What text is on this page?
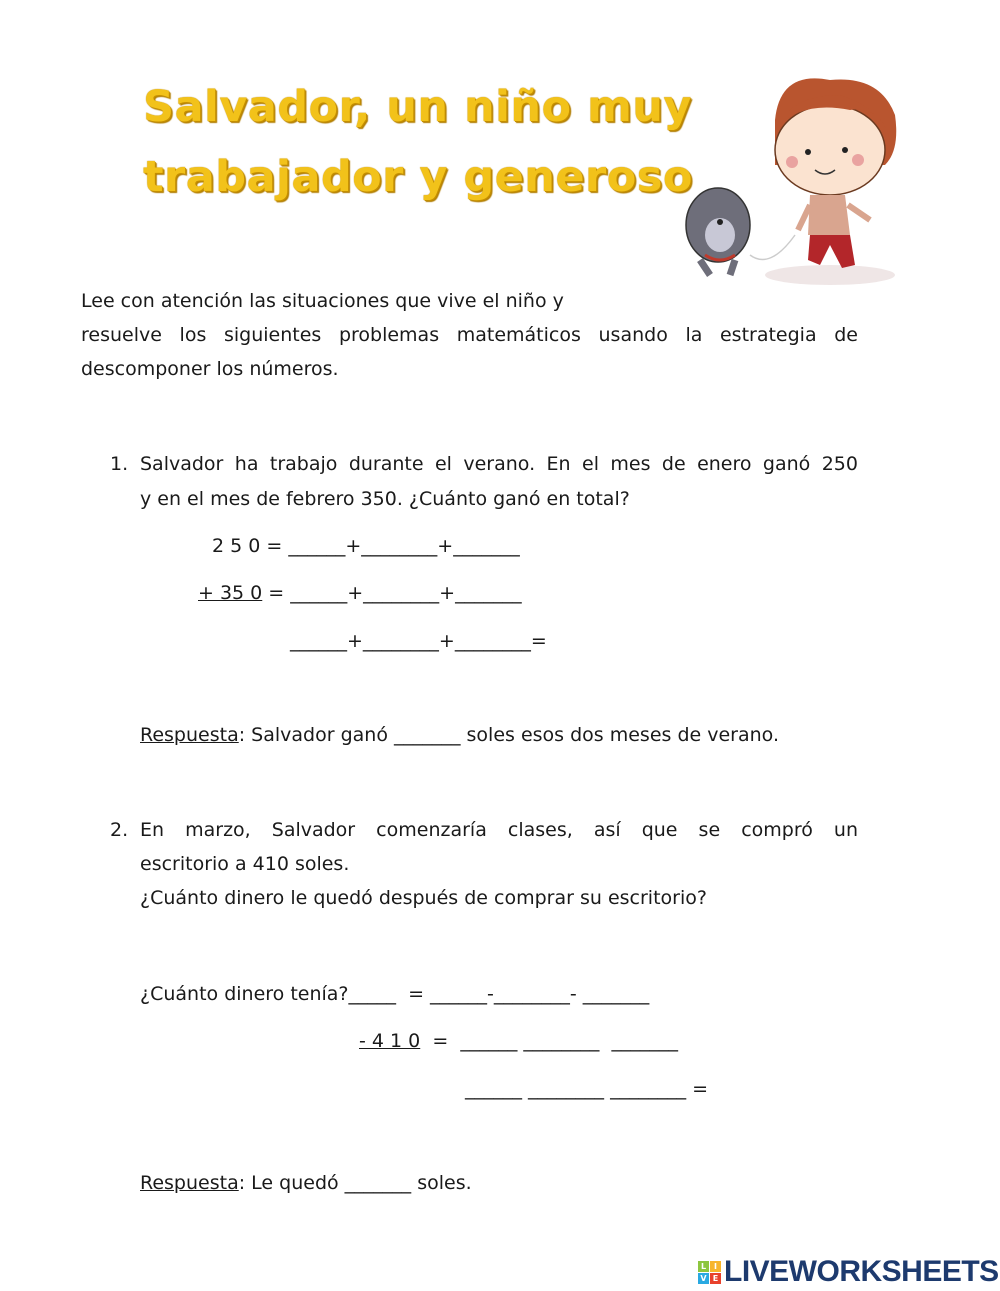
Salvador, un niño muy
trabajador y generoso
Lee con atención las situaciones que vive el niño y
resuelve los siguientes problemas matemáticos usando la estrategia de
descomponer los números.
1. Salvador ha trabajo durante el verano. En el mes de enero ganó 250
y en el mes de febrero 350. ¿Cuánto ganó en total?
2 5 0 = ______+________+_______
+ 35 0 = ______+________+_______
______+________+________=
Respuesta: Salvador ganó _______ soles esos dos meses de verano.
2. En marzo, Salvador comenzaría clases, así que se compró un
escritorio a 410 soles.
¿Cuánto dinero le quedó después de comprar su escritorio?
¿Cuánto dinero tenía?_____  = ______-________- _______
- 4 1 0  =  ______ ________  _______
______ ________ ________ =
Respuesta: Le quedó _______ soles.
L I
V E LIVEWORKSHEETS
